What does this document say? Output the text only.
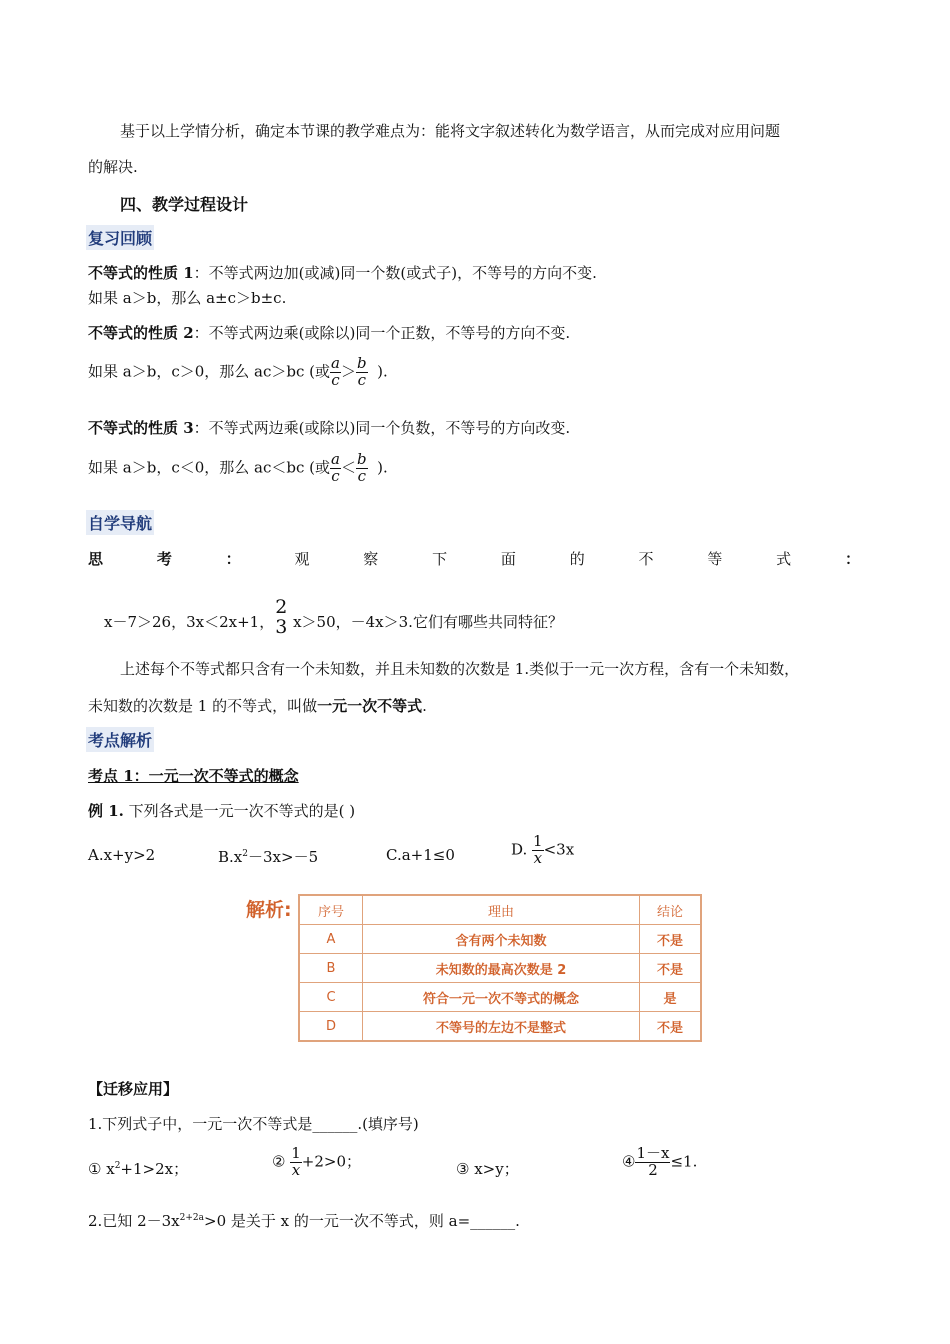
基于以上学情分析，确定本节课的教学难点为：能将文字叙述转化为数学语言，从而完成对应用问题
的解决.
四、教学过程设计
复习回顾
不等式的性质 1：不等式两边加(或减)同一个数(或式子)，不等号的方向不变.
如果 a＞b，那么 a±c＞b±c.
不等式的性质 2：不等式两边乘(或除以)同一个正数，不等号的方向不变.
如果 a＞b，c＞0，那么 ac＞bc (或 $\frac{a}{c} > \frac{b}{c}$ ).
不等式的性质 3：不等式两边乘(或除以)同一个负数，不等号的方向改变.
如果 a＞b，c＜0，那么 ac＜bc (或 $\frac{a}{c} < \frac{b}{c}$ ).
自学导航
思	考	：	观	察	下	面	的	不	等	式	：
x－7＞26，3x＜2x+1，
2
3 x＞50，－4x＞3.它们有哪些共同特征？
上述每个不等式都只含有一个未知数，并且未知数的次数是 1.类似于一元一次方程，含有一个未知数，
未知数的次数是 1 的不等式，叫做一元一次不等式.
考点解析
考点 1：一元一次不等式的概念
例 1. 下列各式是一元一次不等式的是( )
A.x+y>2	$B.x^2-3x>-5$	C.a+1≤0	D. $\frac{1}{x} <3x$
解析: 序号	理由	结论
A	含有两个未知数	不是
B	未知数的最高次数是 2	不是
C	符合一元一次不等式的概念	是
D	不等号的左边不是整式	不是
【迁移应用】
1.下列式子中，一元一次不等式是______.(填序号)
① $x^2+1>2x$；	② $\frac{1}{x} +2>0$；	③ x>y；	④ $\frac{1-x}{2} \le 1$.
2.已知 $2-3x^{2+2a}>0$ 是关于 x 的一元一次不等式，则 a=______.
